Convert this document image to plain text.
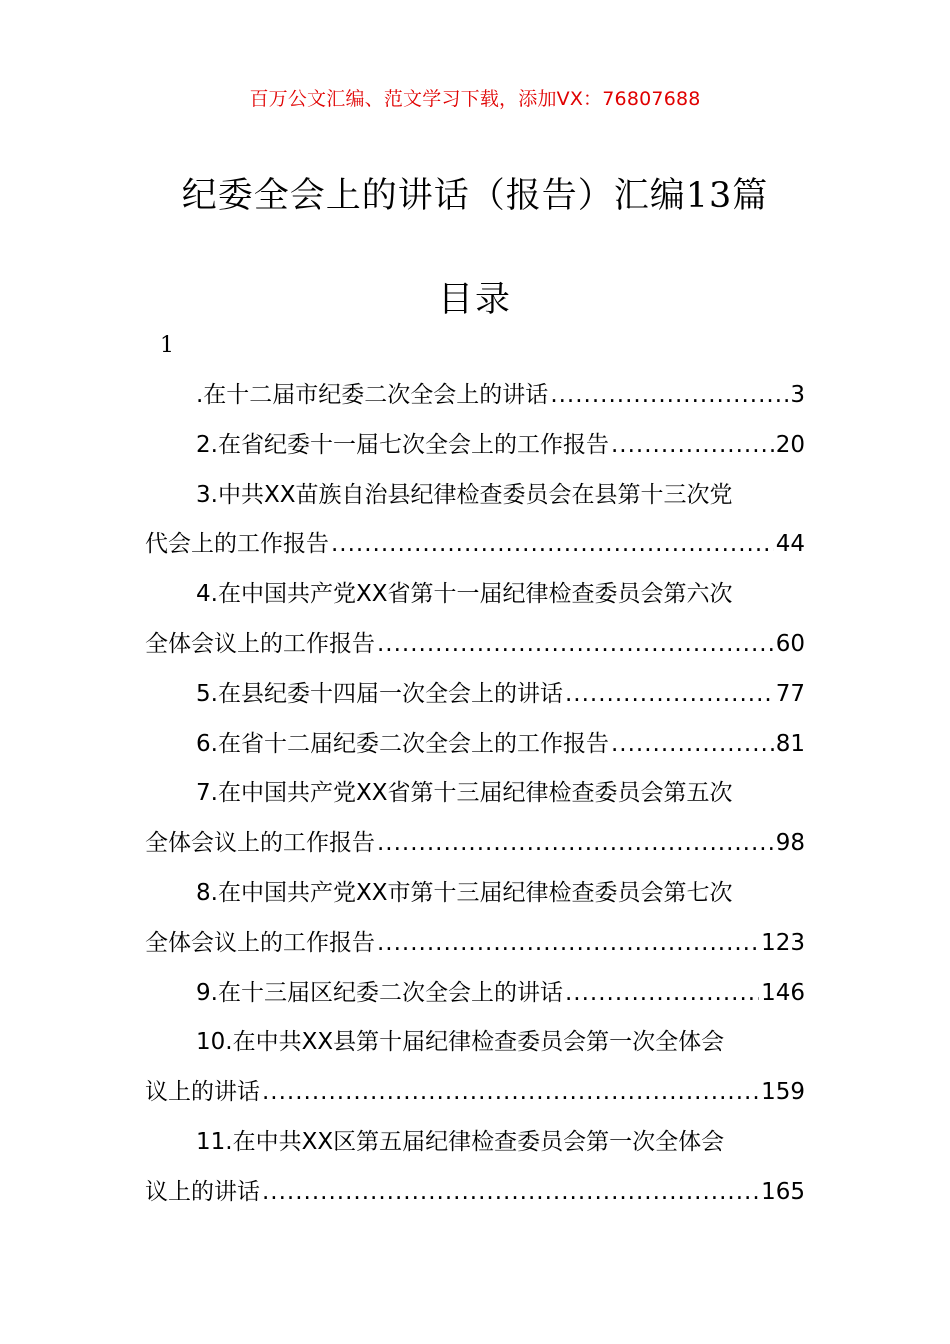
百万公文汇编、范文学习下载，添加VX：76807688
纪委全会上的讲话（报告）汇编13篇
目录
1
.在十二届市纪委二次全会上的讲话 .....	3
2.在省纪委十一届七次全会上的工作报告 .....	20
3.中共XX苗族自治县纪律检查委员会在县第十三次党
代会上的工作报告 .....	44
4.在中国共产党XX省第十一届纪律检查委员会第六次
全体会议上的工作报告 .....	60
5.在县纪委十四届一次全会上的讲话 .....	77
6.在省十二届纪委二次全会上的工作报告 .....	81
7.在中国共产党XX省第十三届纪律检查委员会第五次
全体会议上的工作报告 .....	98
8.在中国共产党XX市第十三届纪律检查委员会第七次
全体会议上的工作报告 .....	123
9.在十三届区纪委二次全会上的讲话 .....	146
10.在中共XX县第十届纪律检查委员会第一次全体会
议上的讲话 .....	159
11.在中共XX区第五届纪律检查委员会第一次全体会
议上的讲话 .....	165
